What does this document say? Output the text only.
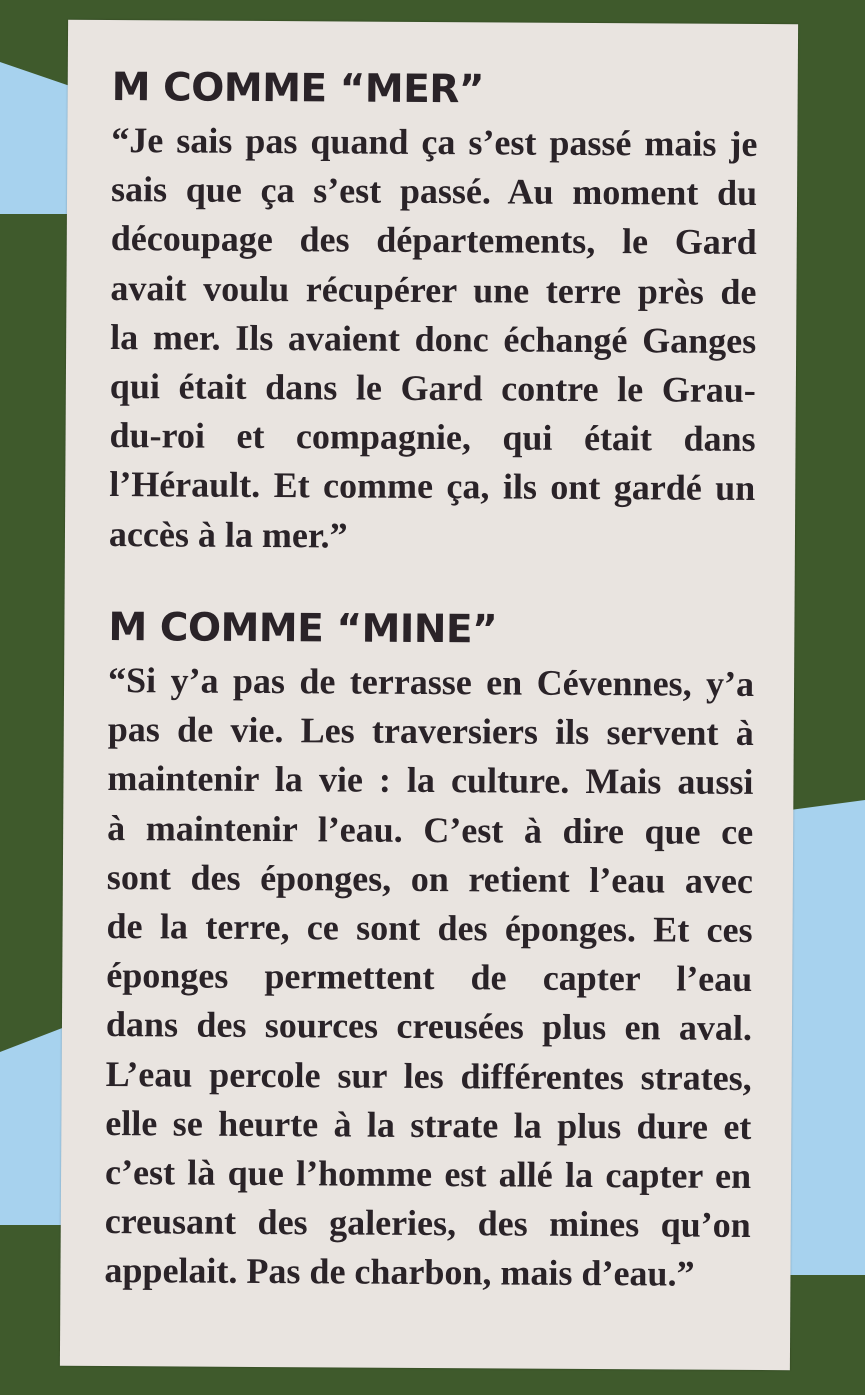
M COMME “MER”
“Je sais pas quand ça s’est passé mais je
sais que ça s’est passé. Au moment du
découpage des départements, le Gard
avait voulu récupérer une terre près de
la mer. Ils avaient donc échangé Ganges
qui était dans le Gard contre le Grau-
du-roi et compagnie, qui était dans
l’Hérault. Et comme ça, ils ont gardé un
accès à la mer.”
M COMME “MINE”
“Si y’a pas de terrasse en Cévennes, y’a
pas de vie. Les traversiers ils servent à
maintenir la vie : la culture. Mais aussi
à maintenir l’eau. C’est à dire que ce
sont des éponges, on retient l’eau avec
de la terre, ce sont des éponges. Et ces
éponges permettent de capter l’eau
dans des sources creusées plus en aval.
L’eau percole sur les différentes strates,
elle se heurte à la strate la plus dure et
c’est là que l’homme est allé la capter en
creusant des galeries, des mines qu’on
appelait. Pas de charbon, mais d’eau.”
